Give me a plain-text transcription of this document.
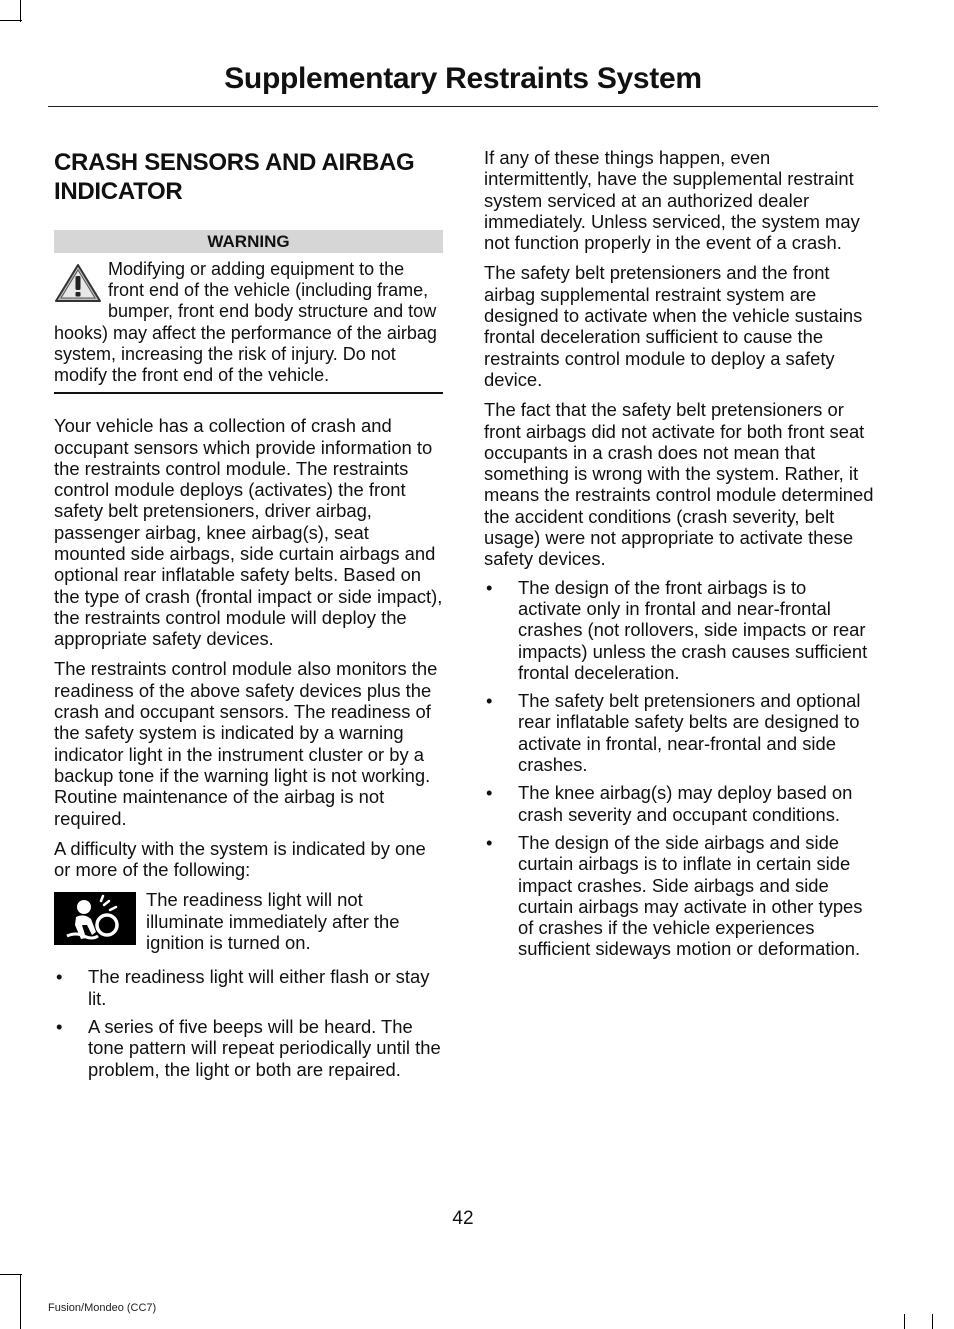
Supplementary Restraints System
CRASH SENSORS AND AIRBAG INDICATOR
WARNING
Modifying or adding equipment to the front end of the vehicle (including frame, bumper, front end body structure and tow hooks) may affect the performance of the airbag system, increasing the risk of injury. Do not modify the front end of the vehicle.

Your vehicle has a collection of crash and occupant sensors which provide information to the restraints control module. The restraints control module deploys (activates) the front safety belt pretensioners, driver airbag, passenger airbag, knee airbag(s), seat mounted side airbags, side curtain airbags and optional rear inflatable safety belts. Based on the type of crash (frontal impact or side impact), the restraints control module will deploy the appropriate safety devices.

The restraints control module also monitors the readiness of the above safety devices plus the crash and occupant sensors. The readiness of the safety system is indicated by a warning indicator light in the instrument cluster or by a backup tone if the warning light is not working. Routine maintenance of the airbag is not required.

A difficulty with the system is indicated by one or more of the following:

The readiness light will not illuminate immediately after the ignition is turned on.

• The readiness light will either flash or stay lit.
• A series of five beeps will be heard. The tone pattern will repeat periodically until the problem, the light or both are repaired.

If any of these things happen, even intermittently, have the supplemental restraint system serviced at an authorized dealer immediately. Unless serviced, the system may not function properly in the event of a crash.

The safety belt pretensioners and the front airbag supplemental restraint system are designed to activate when the vehicle sustains frontal deceleration sufficient to cause the restraints control module to deploy a safety device.

The fact that the safety belt pretensioners or front airbags did not activate for both front seat occupants in a crash does not mean that something is wrong with the system. Rather, it means the restraints control module determined the accident conditions (crash severity, belt usage) were not appropriate to activate these safety devices.

• The design of the front airbags is to activate only in frontal and near-frontal crashes (not rollovers, side impacts or rear impacts) unless the crash causes sufficient frontal deceleration.
• The safety belt pretensioners and optional rear inflatable safety belts are designed to activate in frontal, near-frontal and side crashes.
• The knee airbag(s) may deploy based on crash severity and occupant conditions.
• The design of the side airbags and side curtain airbags is to inflate in certain side impact crashes. Side airbags and side curtain airbags may activate in other types of crashes if the vehicle experiences sufficient sideways motion or deformation.
42
Fusion/Mondeo (CC7)
